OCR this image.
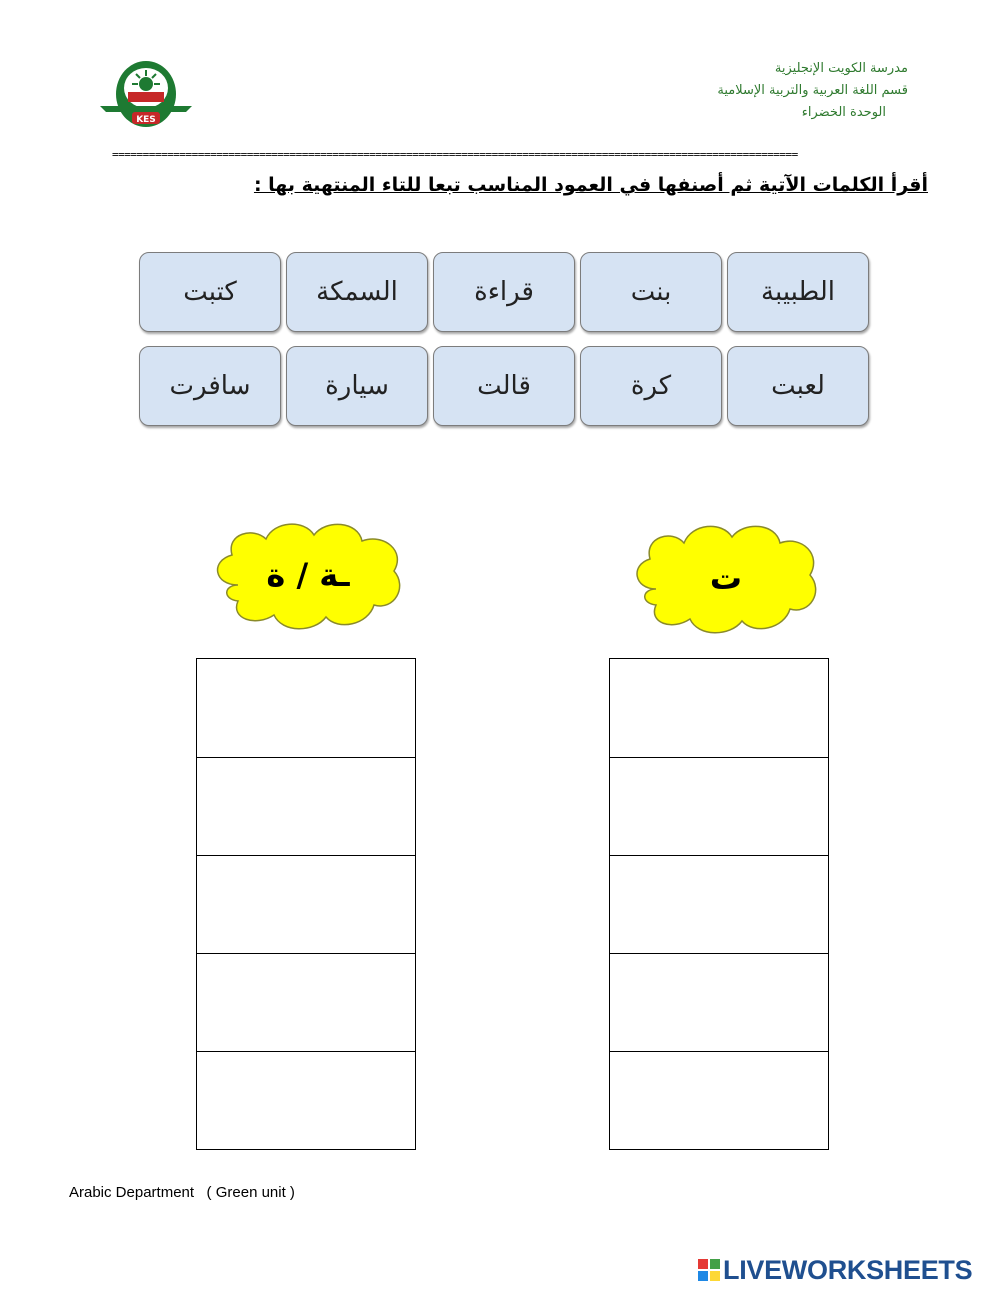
KES
مدرسة الكويت الإنجليزية
قسم اللغة العربية والتربية الإسلامية
الوحدة الخضراء
================================================================================================================
أقرأ الكلمات الآتية ثم أصنفها في العمود المناسب تبعا للتاء المنتهية بها :
الطبيبة
بنت
قراءة
السمكة
كتبت
لعبت
كرة
قالت
سيارة
سافرت
ـة / ة	ت
Arabic Department   ( Green unit )
LIVEWORKSHEETS
